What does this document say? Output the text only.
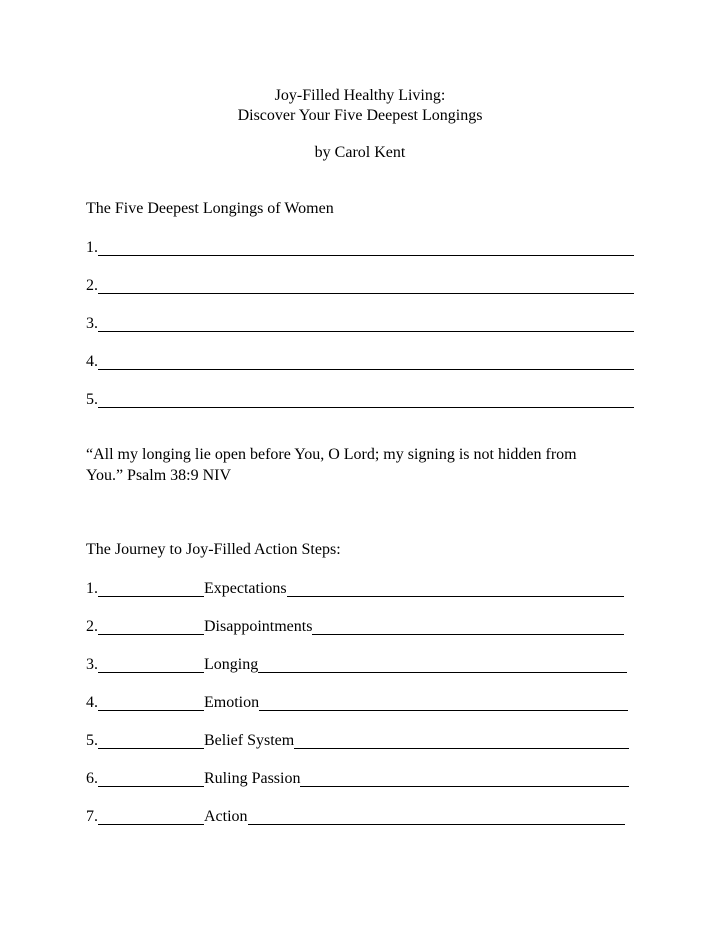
Joy-Filled Healthy Living:
Discover Your Five Deepest Longings
by Carol Kent
The Five Deepest Longings of Women
1.
2.
3.
4.
5.
“All my longing lie open before You, O Lord; my signing is not hidden from
You.” Psalm 38:9 NIV
The Journey to Joy-Filled Action Steps:
1.	Expectations
2.	Disappointments
3.	Longing
4.	Emotion
5.	Belief System
6.	Ruling Passion
7.	Action
